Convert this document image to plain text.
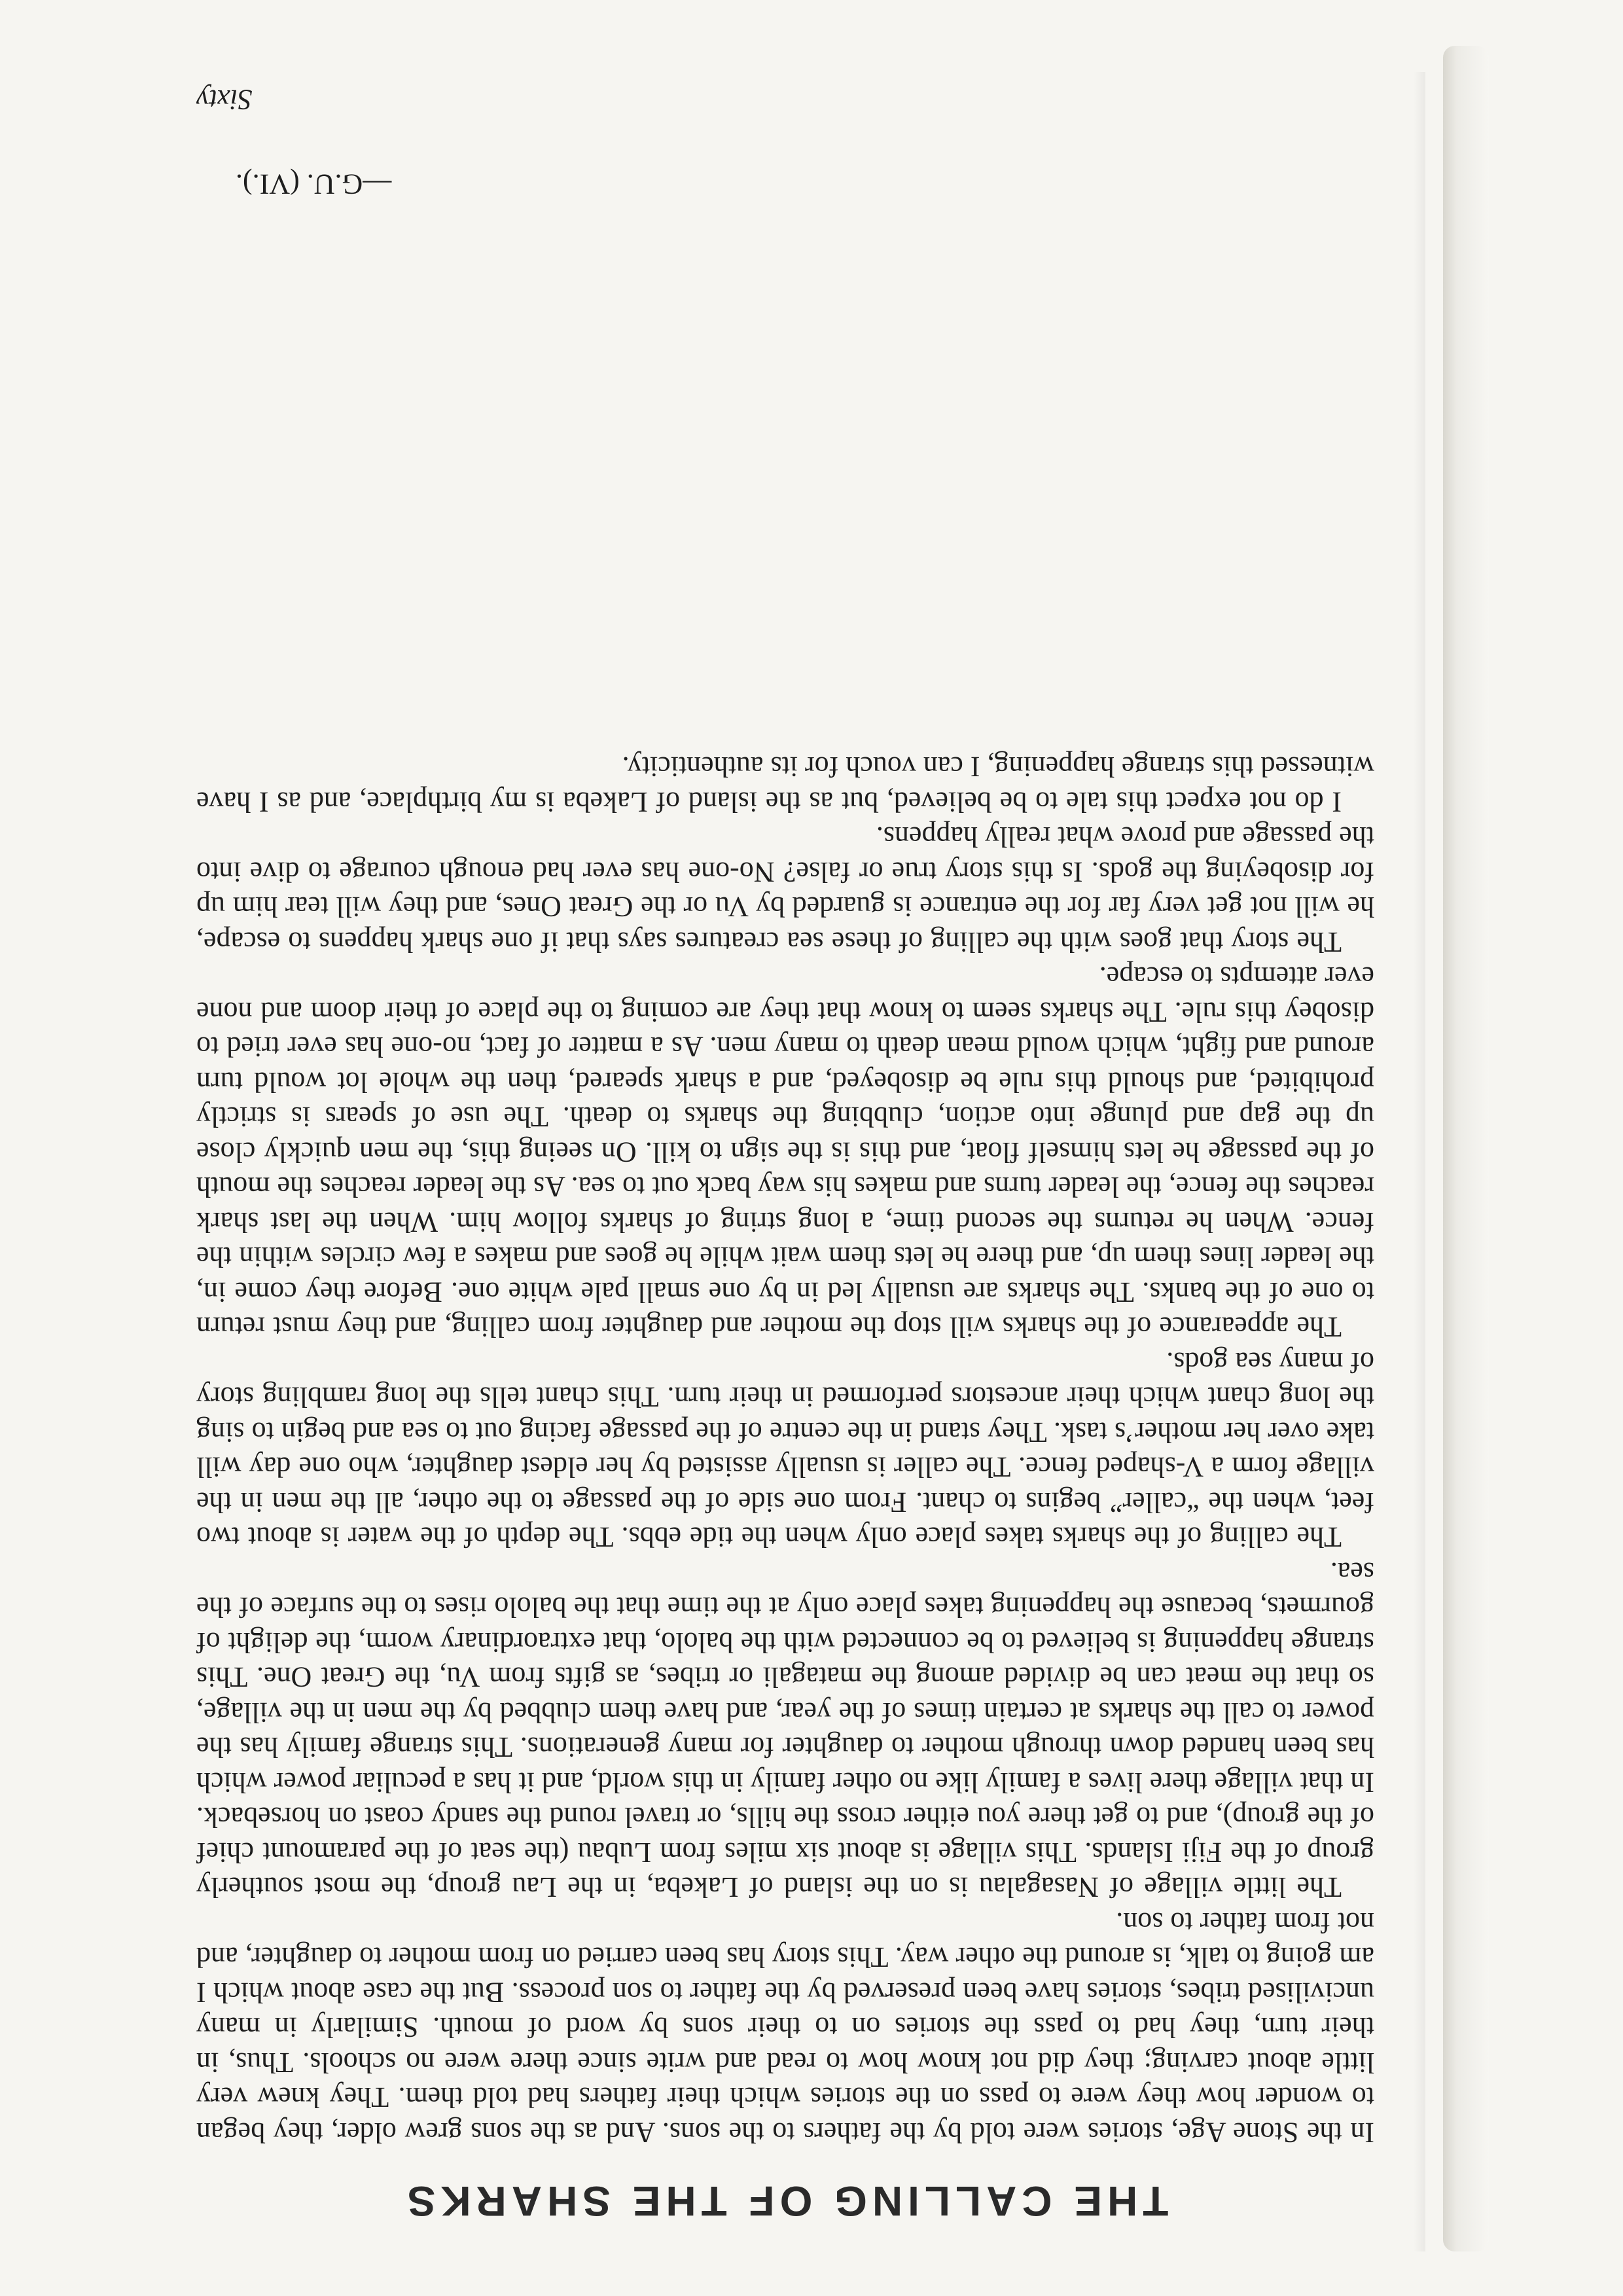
THE CALLING OF THE SHARKS

In the Stone Age, stories were told by the fathers to the sons. And as the sons grew older, they began to wonder how they were to pass on the stories which their fathers had told them. They knew very little about carving; they did not know how to read and write since there were no schools. Thus, in their turn, they had to pass the stories on to their sons by word of mouth. Similarly in many uncivilised tribes, stories have been preserved by the father to son process. But the case about which I am going to talk, is around the other way. This story has been carried on from mother to daughter, and not from father to son.

The little village of Nasagalau is on the island of Lakeba, in the Lau group, the most southerly group of the Fiji Islands. This village is about six miles from Lubau (the seat of the paramount chief of the group), and to get there you either cross the hills, or travel round the sandy coast on horseback. In that village there lives a family like no other family in this world, and it has a peculiar power which has been handed down through mother to daughter for many generations. This strange family has the power to call the sharks at certain times of the year, and have them clubbed by the men in the village, so that the meat can be divided among the matagali or tribes, as gifts from Vu, the Great One. This strange happening is believed to be connected with the balolo, that extraordinary worm, the delight of gourmets, because the happening takes place only at the time that the balolo rises to the surface of the sea.

The calling of the sharks takes place only when the tide ebbs. The depth of the water is about two feet, when the “caller” begins to chant. From one side of the passage to the other, all the men in the village form a V-shaped fence. The caller is usually assisted by her eldest daughter, who one day will take over her mother’s task. They stand in the centre of the passage facing out to sea and begin to sing the long chant which their ancestors performed in their turn. This chant tells the long rambling story of many sea gods.

The appearance of the sharks will stop the mother and daughter from calling, and they must return to one of the banks. The sharks are usually led in by one small pale white one. Before they come in, the leader lines them up, and there he lets them wait while he goes and makes a few circles within the fence. When he returns the second time, a long string of sharks follow him. When the last shark reaches the fence, the leader turns and makes his way back out to sea. As the leader reaches the mouth of the passage he lets himself float, and this is the sign to kill. On seeing this, the men quickly close up the gap and plunge into action, clubbing the sharks to death. The use of spears is strictly prohibited, and should this rule be disobeyed, and a shark speared, then the whole lot would turn around and fight, which would mean death to many men. As a matter of fact, no-one has ever tried to disobey this rule. The sharks seem to know that they are coming to the place of their doom and none ever attempts to escape.

The story that goes with the calling of these sea creatures says that if one shark happens to escape, he will not get very far for the entrance is guarded by Vu or the Great Ones, and they will tear him up for disobeying the gods. Is this story true or false? No-one has ever had enough courage to dive into the passage and prove what really happens.

I do not expect this tale to be believed, but as the island of Lakeba is my birthplace, and as I have witnessed this strange happening, I can vouch for its authenticity.

—G.U. (VI.).
Sixty
